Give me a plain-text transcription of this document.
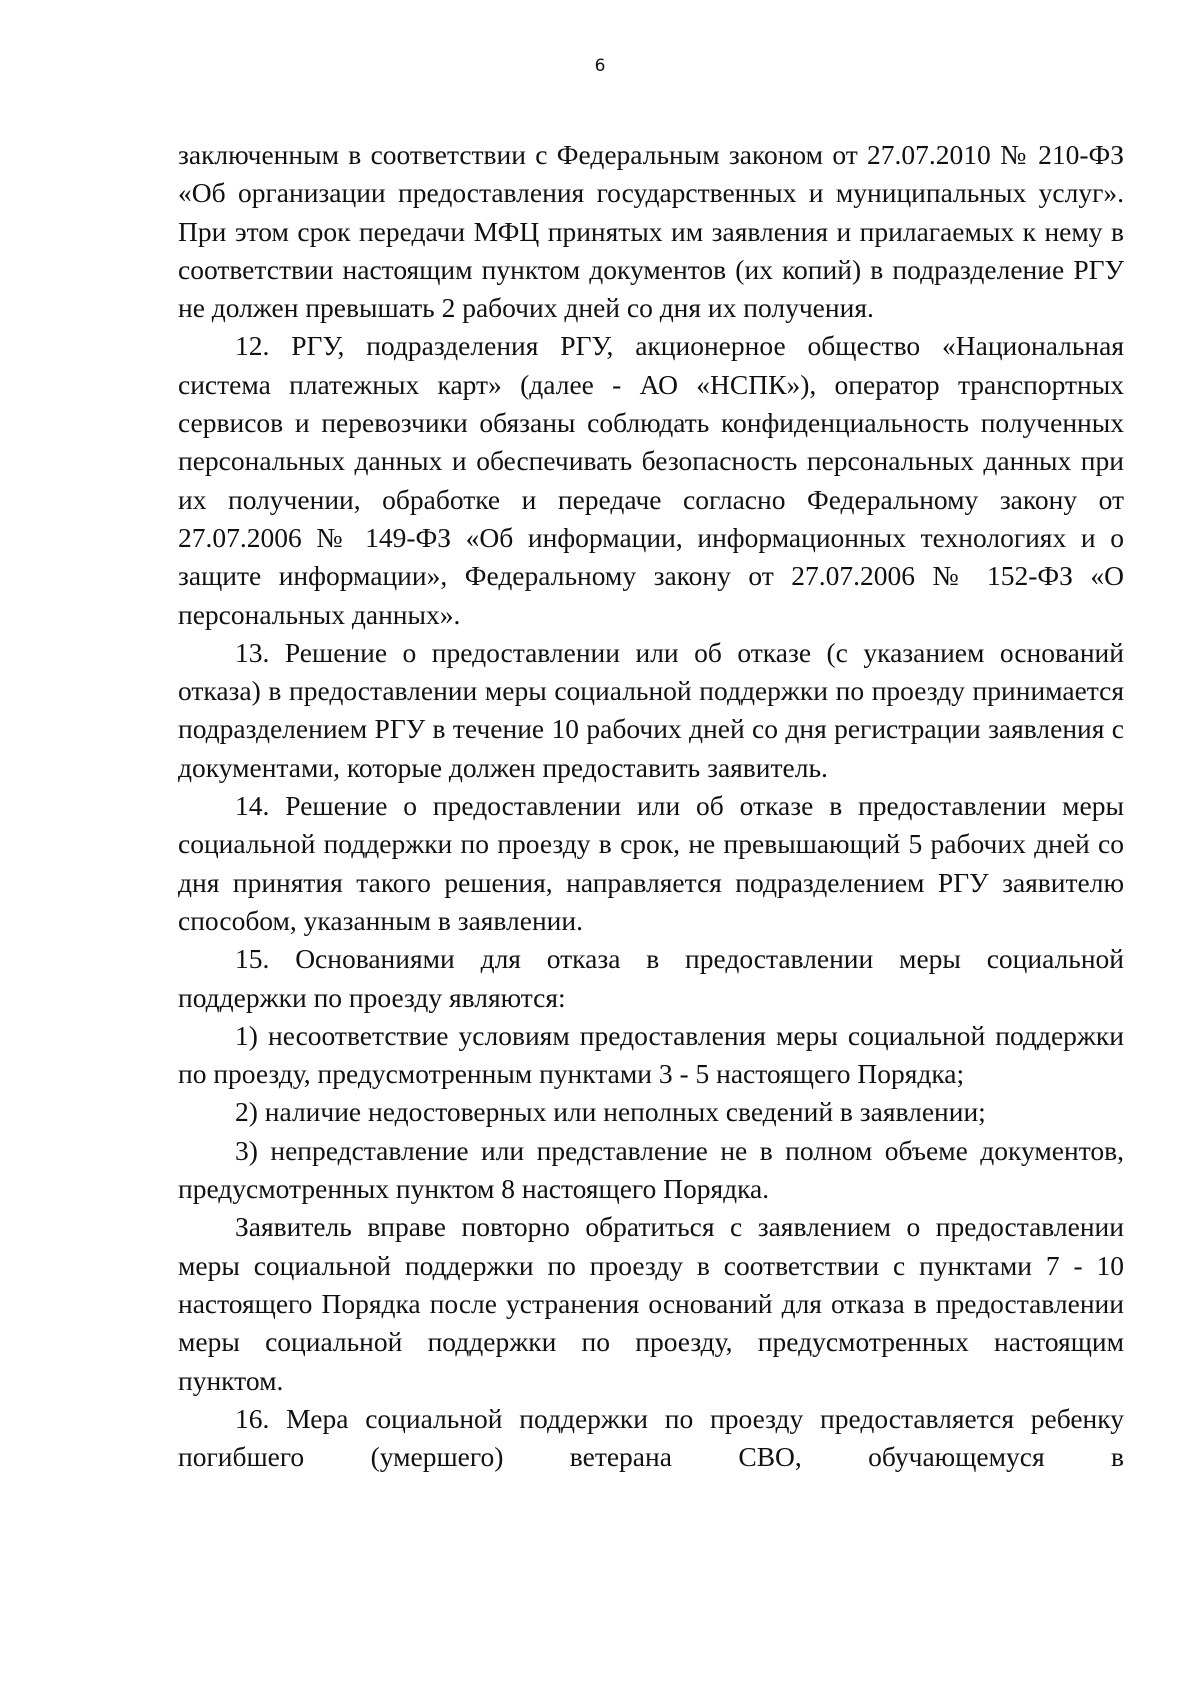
6

заключенным в соответствии с Федеральным законом от 27.07.2010 № 210-ФЗ «Об организации предоставления государственных и муниципальных услуг». При этом срок передачи МФЦ принятых им заявления и прилагаемых к нему в соответствии настоящим пунктом документов (их копий) в подразделение РГУ не должен превышать 2 рабочих дней со дня их получения.

12. РГУ, подразделения РГУ, акционерное общество «Национальная система платежных карт» (далее - АО «НСПК»), оператор транспортных сервисов и перевозчики обязаны соблюдать конфиденциальность полученных персональных данных и обеспечивать безопасность персональных данных при их получении, обработке и передаче согласно Федеральному закону от 27.07.2006 № 149-ФЗ «Об информации, информационных технологиях и о защите информации», Федеральному закону от 27.07.2006 № 152-ФЗ «О персональных данных».

13. Решение о предоставлении или об отказе (с указанием оснований отказа) в предоставлении меры социальной поддержки по проезду принимается подразделением РГУ в течение 10 рабочих дней со дня регистрации заявления с документами, которые должен предоставить заявитель.

14. Решение о предоставлении или об отказе в предоставлении меры социальной поддержки по проезду в срок, не превышающий 5 рабочих дней со дня принятия такого решения, направляется подразделением РГУ заявителю способом, указанным в заявлении.

15. Основаниями для отказа в предоставлении меры социальной поддержки по проезду являются:

1) несоответствие условиям предоставления меры социальной поддержки по проезду, предусмотренным пунктами 3 - 5 настоящего Порядка;

2) наличие недостоверных или неполных сведений в заявлении;

3) непредставление или представление не в полном объеме документов, предусмотренных пунктом 8 настоящего Порядка.

Заявитель вправе повторно обратиться с заявлением о предоставлении меры социальной поддержки по проезду в соответствии с пунктами 7 - 10 настоящего Порядка после устранения оснований для отказа в предоставлении меры социальной поддержки по проезду, предусмотренных настоящим пунктом.

16. Мера социальной поддержки по проезду предоставляется ребенку погибшего (умершего) ветерана СВО, обучающемуся в
